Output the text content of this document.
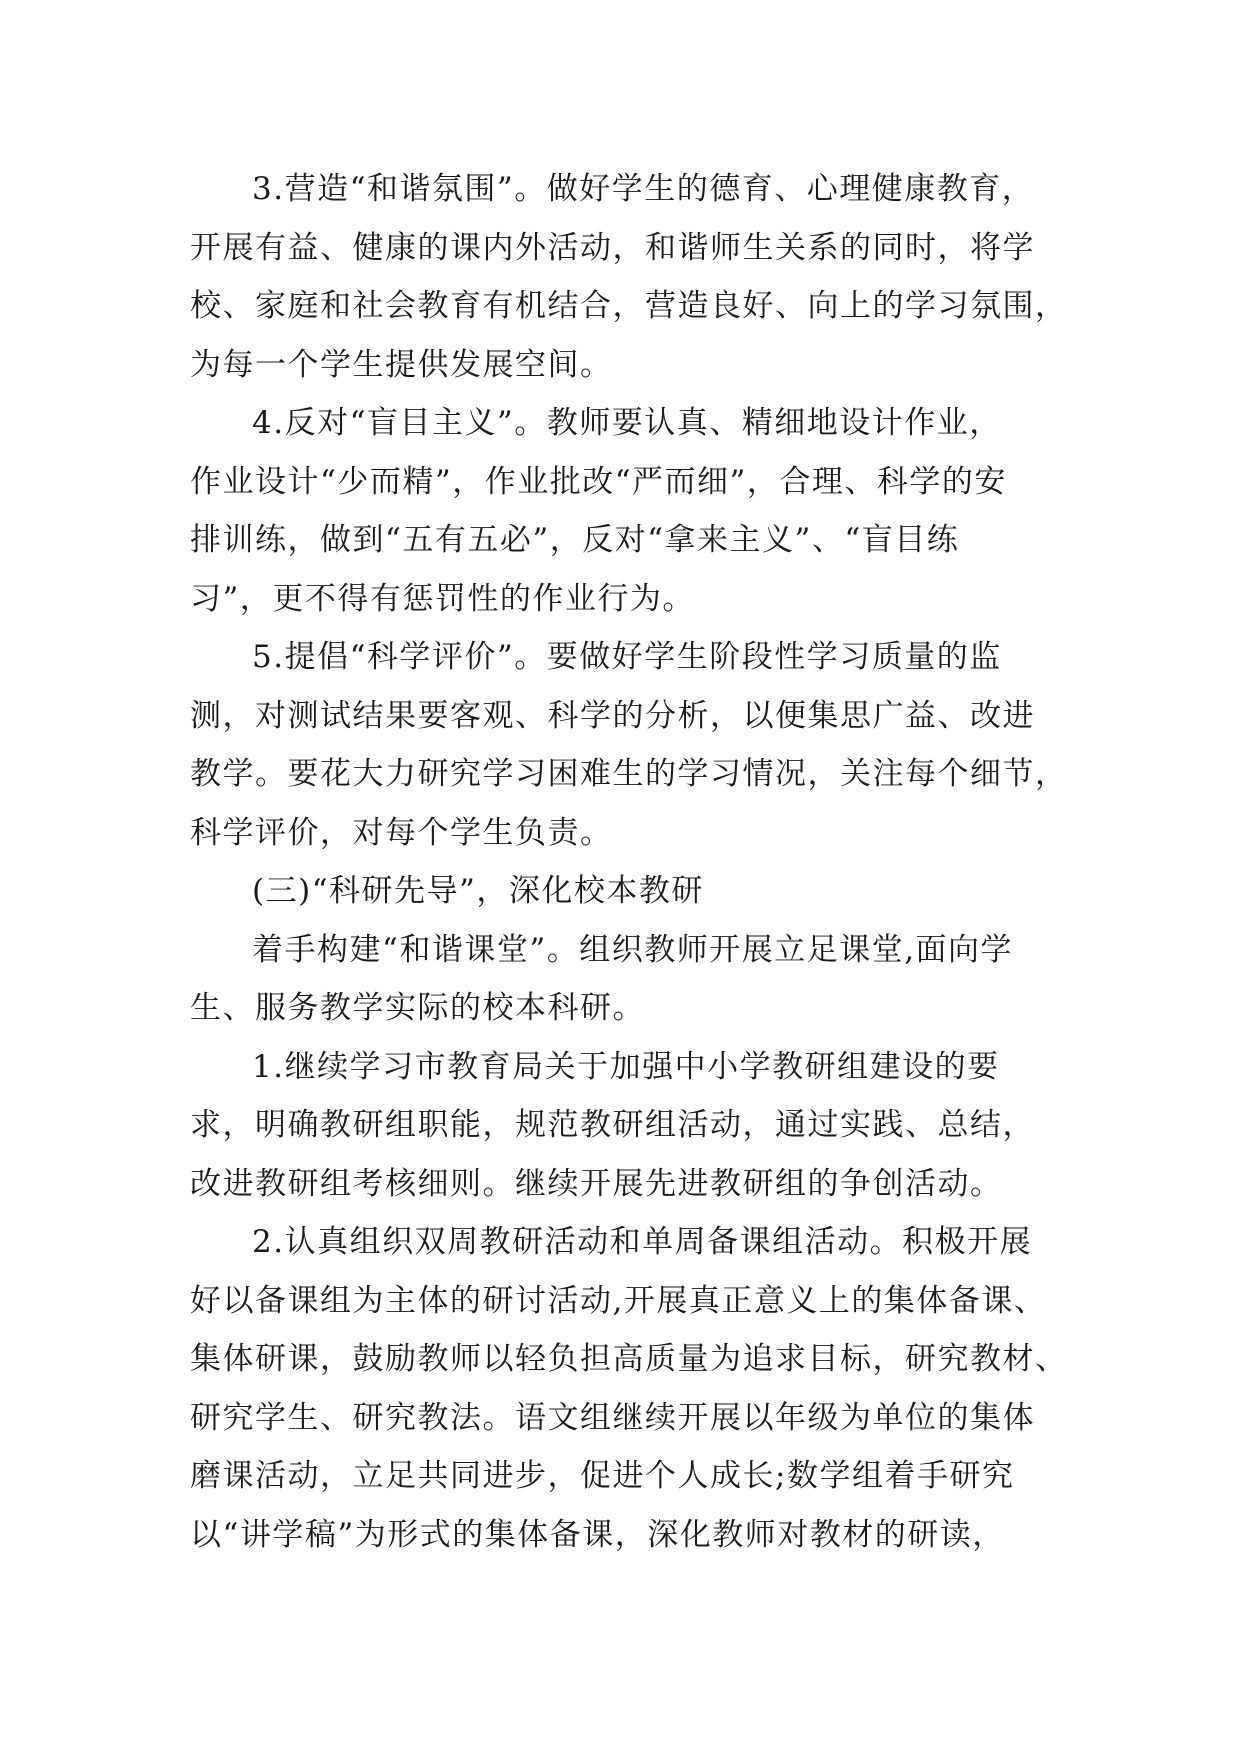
3.营造“和谐氛围”。做好学生的德育、心理健康教育，
开展有益、健康的课内外活动，和谐师生关系的同时，将学
校、家庭和社会教育有机结合，营造良好、向上的学习氛围，
为每一个学生提供发展空间。

4.反对“盲目主义”。教师要认真、精细地设计作业，
作业设计“少而精”，作业批改“严而细”，合理、科学的安
排训练，做到“五有五必”，反对“拿来主义”、“盲目练
习”，更不得有惩罚性的作业行为。

5.提倡“科学评价”。要做好学生阶段性学习质量的监
测，对测试结果要客观、科学的分析，以便集思广益、改进
教学。要花大力研究学习困难生的学习情况，关注每个细节，
科学评价，对每个学生负责。

(三)“科研先导”，深化校本教研

着手构建“和谐课堂”。组织教师开展立足课堂,面向学
生、服务教学实际的校本科研。

1.继续学习市教育局关于加强中小学教研组建设的要
求，明确教研组职能，规范教研组活动，通过实践、总结，
改进教研组考核细则。继续开展先进教研组的争创活动。

2.认真组织双周教研活动和单周备课组活动。积极开展
好以备课组为主体的研讨活动,开展真正意义上的集体备课、
集体研课，鼓励教师以轻负担高质量为追求目标，研究教材、
研究学生、研究教法。语文组继续开展以年级为单位的集体
磨课活动，立足共同进步，促进个人成长;数学组着手研究
以“讲学稿”为形式的集体备课，深化教师对教材的研读，
